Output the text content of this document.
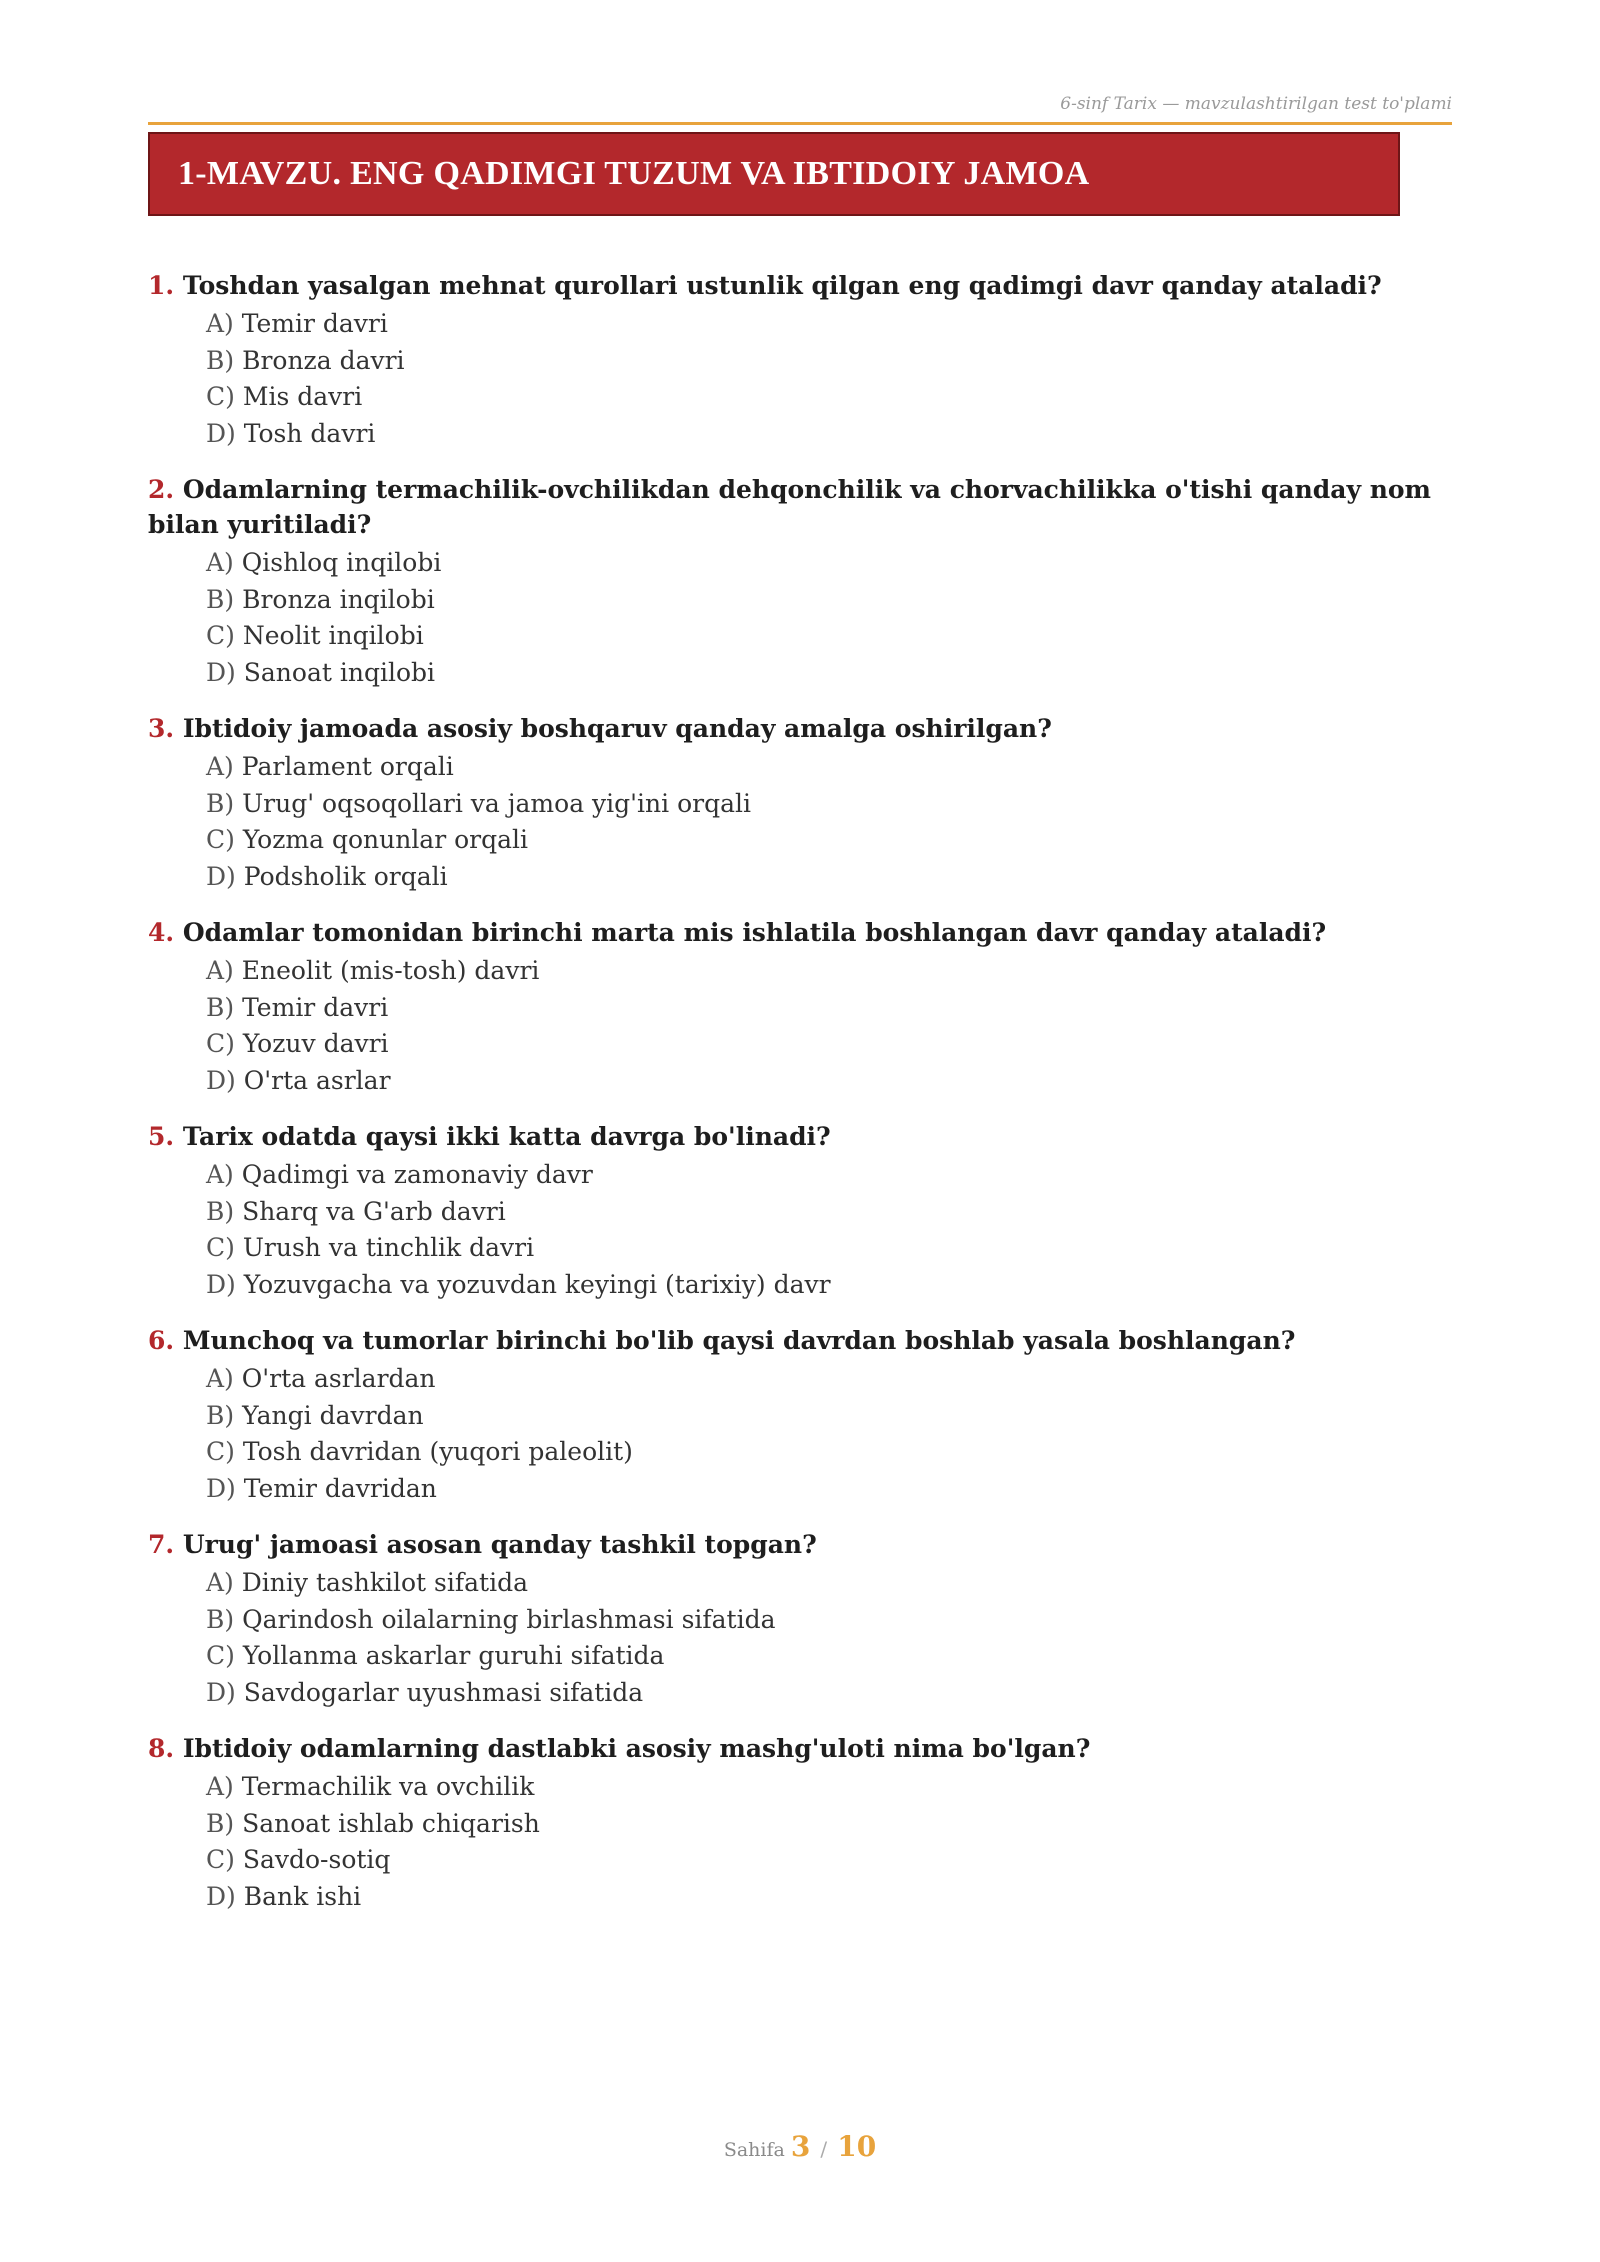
6-sinf Tarix — mavzulashtirilgan test to'plami
1-MAVZU. ENG QADIMGI TUZUM VA IBTIDOIY JAMOA

1. Toshdan yasalgan mehnat qurollari ustunlik qilgan eng qadimgi davr qanday ataladi?

A) Temir davri
B) Bronza davri
C) Mis davri
D) Tosh davri

2. Odamlarning termachilik-ovchilikdan dehqonchilik va chorvachilikka o'tishi qanday nom bilan yuritiladi?

A) Qishloq inqilobi
B) Bronza inqilobi
C) Neolit inqilobi
D) Sanoat inqilobi

3. Ibtidoiy jamoada asosiy boshqaruv qanday amalga oshirilgan?

A) Parlament orqali
B) Urug' oqsoqollari va jamoa yig'ini orqali
C) Yozma qonunlar orqali
D) Podsholik orqali

4. Odamlar tomonidan birinchi marta mis ishlatila boshlangan davr qanday ataladi?

A) Eneolit (mis-tosh) davri
B) Temir davri
C) Yozuv davri
D) O'rta asrlar

5. Tarix odatda qaysi ikki katta davrga bo'linadi?

A) Qadimgi va zamonaviy davr
B) Sharq va G'arb davri
C) Urush va tinchlik davri
D) Yozuvgacha va yozuvdan keyingi (tarixiy) davr

6. Munchoq va tumorlar birinchi bo'lib qaysi davrdan boshlab yasala boshlangan?

A) O'rta asrlardan
B) Yangi davrdan
C) Tosh davridan (yuqori paleolit)
D) Temir davridan

7. Urug' jamoasi asosan qanday tashkil topgan?

A) Diniy tashkilot sifatida
B) Qarindosh oilalarning birlashmasi sifatida
C) Yollanma askarlar guruhi sifatida
D) Savdogarlar uyushmasi sifatida

8. Ibtidoiy odamlarning dastlabki asosiy mashg'uloti nima bo'lgan?

A) Termachilik va ovchilik
B) Sanoat ishlab chiqarish
C) Savdo-sotiq
D) Bank ishi
Sahifa 3 / 10
